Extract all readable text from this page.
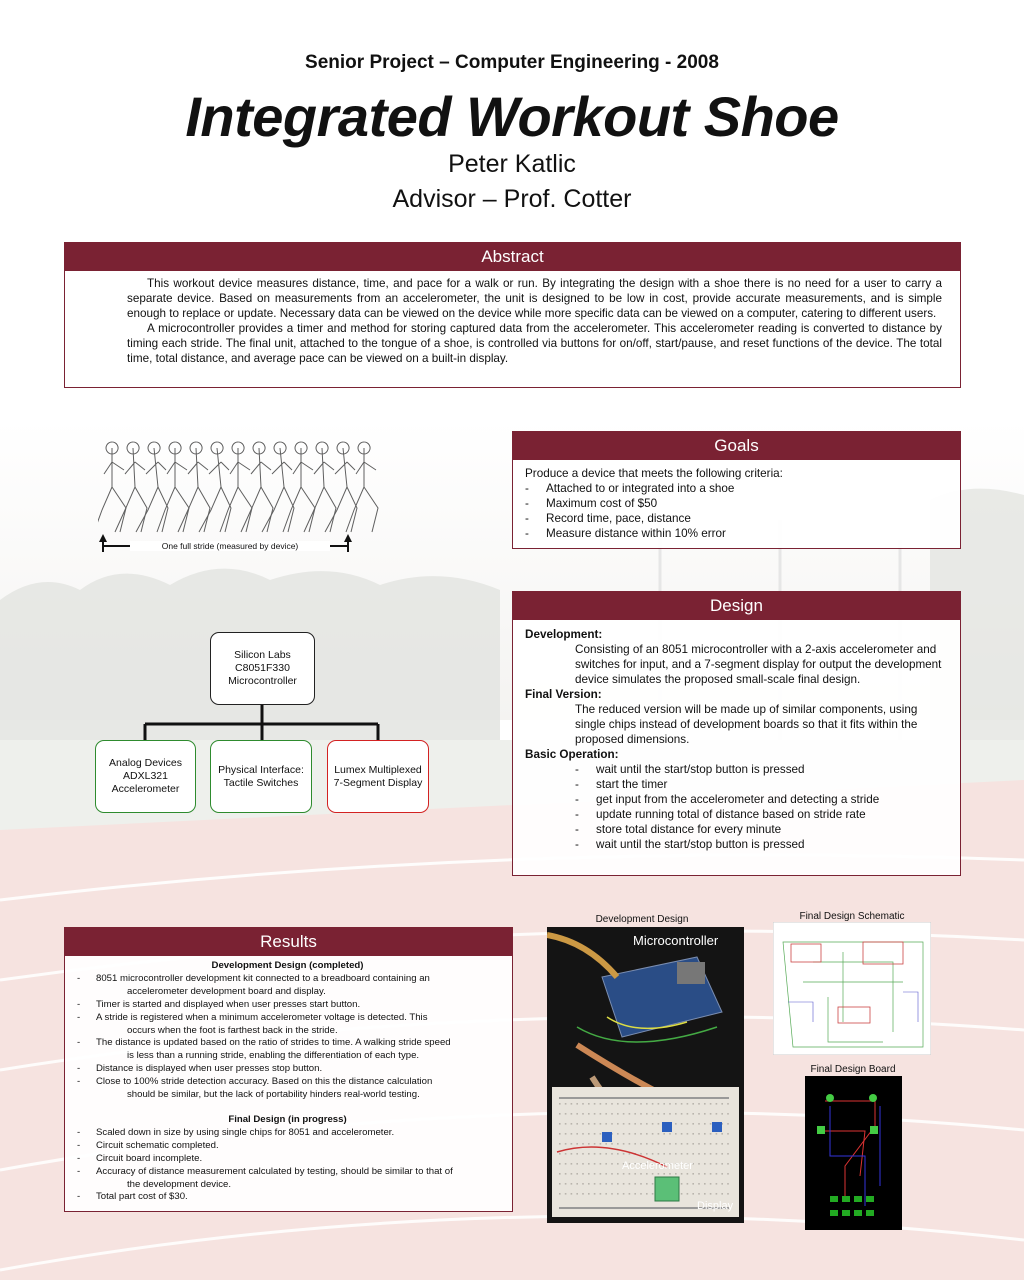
Senior Project – Computer Engineering - 2008
Integrated Workout Shoe
Peter Katlic
Advisor – Prof. Cotter
Abstract

This workout device measures distance, time, and pace for a walk or run. By integrating the design with a shoe there is no need for a user to carry a separate device. Based on measurements from an accelerometer, the unit is designed to be low in cost, provide accurate measurements, and is simple enough to replace or update. Necessary data can be viewed on the device while more specific data can be viewed on a computer, catering to different users.

A microcontroller provides a timer and method for storing captured data from the accelerometer. This accelerometer reading is converted to distance by timing each stride. The final unit, attached to the tongue of a shoe, is controlled via buttons for on/off, start/pause, and reset functions of the device. The total time, total distance, and average pace can be viewed on a built-in display.

One full stride (measured by device)
Goals
Produce a device that meets the following criteria:
- Attached to or integrated into a shoe
- Maximum cost of $50
- Record time, pace, distance
- Measure distance within 10% error
Silicon Labs
C8051F330
Microcontroller
Analog Devices
ADXL321
Accelerometer
Physical Interface:
Tactile Switches
Lumex Multiplexed
7-Segment Display
Design
Development:
Consisting of an 8051 microcontroller with a 2-axis accelerometer and switches for input, and a 7-segment display for output the development device simulates the proposed small-scale final design.
Final Version:
The reduced version will be made up of similar components, using single chips instead of development boards so that it fits within the proposed dimensions.
Basic Operation:
- wait until the start/stop button is pressed
- start the timer
- get input from the accelerometer and detecting a stride
- update running total of distance based on stride rate
- store total distance for every minute
- wait until the start/stop button is pressed
Results
Development Design (completed)
- 8051 microcontroller development kit connected to a breadboard containing an
accelerometer development board and display.
- Timer is started and displayed when user presses start button.
- A stride is registered when a minimum accelerometer voltage is detected. This
occurs when the foot is farthest back in the stride.
- The distance is updated based on the ratio of strides to time. A walking stride speed
is less than a running stride, enabling the differentiation of each type.
- Distance is displayed when user presses stop button.
- Close to 100% stride detection accuracy. Based on this the distance calculation
should be similar, but the lack of portability hinders real-world testing.
Final Design (in progress)
- Scaled down in size by using single chips for 8051 and accelerometer.
- Circuit schematic completed.
- Circuit board incomplete.
- Accuracy of distance measurement calculated by testing, should be similar to that of
the development device.
- Total part cost of $30.
Development Design
Microcontroller
Accelerometer
Display
Final Design Schematic
Final Design Board
